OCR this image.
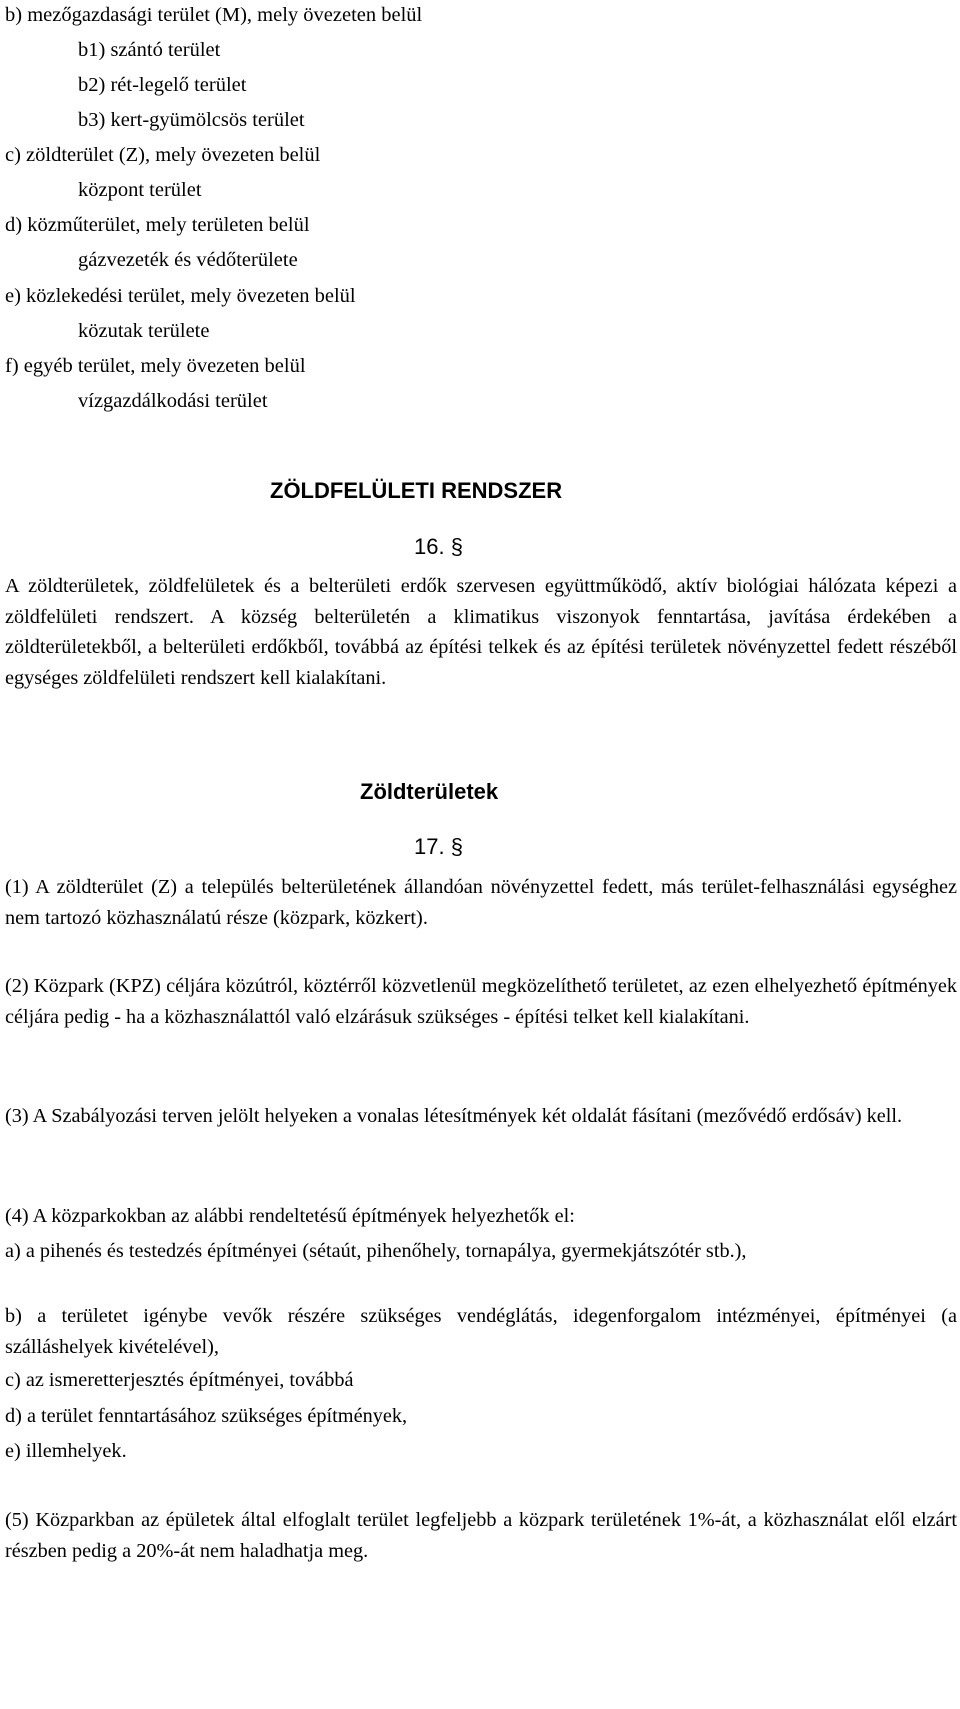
b) mezőgazdasági terület (M), mely övezeten belül
b1) szántó terület
b2) rét-legelő terület
b3) kert-gyümölcsös terület
c) zöldterület (Z), mely övezeten belül
központ terület
d) közműterület, mely területen belül
gázvezeték és védőterülete
e) közlekedési terület, mely övezeten belül
közutak területe
f) egyéb terület, mely övezeten belül
vízgazdálkodási terület
ZÖLDFELÜLETI RENDSZER
16. §

A zöldterületek, zöldfelületek és a belterületi erdők szervesen együttműködő, aktív biológiai hálózata képezi a zöldfelületi rendszert. A község belterületén a klimatikus viszonyok fenntartása, javítása érdekében a zöldterületekből, a belterületi erdőkből, továbbá az építési telkek és az építési területek növényzettel fedett részéből egységes zöldfelületi rendszert kell kialakítani.

Zöldterületek
17. §

(1) A zöldterület (Z) a település belterületének állandóan növényzettel fedett, más terület-felhasználási egységhez nem tartozó közhasználatú része (közpark, közkert).

(2) Közpark (KPZ) céljára közútról, köztérről közvetlenül megközelíthető területet, az ezen elhelyezhető építmények céljára pedig - ha a közhasználattól való elzárásuk szükséges - építési telket kell kialakítani.

(3) A Szabályozási terven jelölt helyeken a vonalas létesítmények két oldalát fásítani (mezővédő erdősáv) kell.

(4) A közparkokban az alábbi rendeltetésű építmények helyezhetők el:

a) a pihenés és testedzés építményei (sétaút, pihenőhely, tornapálya, gyermekjátszótér stb.),

b) a területet igénybe vevők részére szükséges vendéglátás, idegenforgalom intézményei, építményei (a szálláshelyek kivételével),

c) az ismeretterjesztés építményei, továbbá

d) a terület fenntartásához szükséges építmények,

e) illemhelyek.

(5) Közparkban az épületek által elfoglalt terület legfeljebb a közpark területének 1%-át, a közhasználat elől elzárt részben pedig a 20%-át nem haladhatja meg.
